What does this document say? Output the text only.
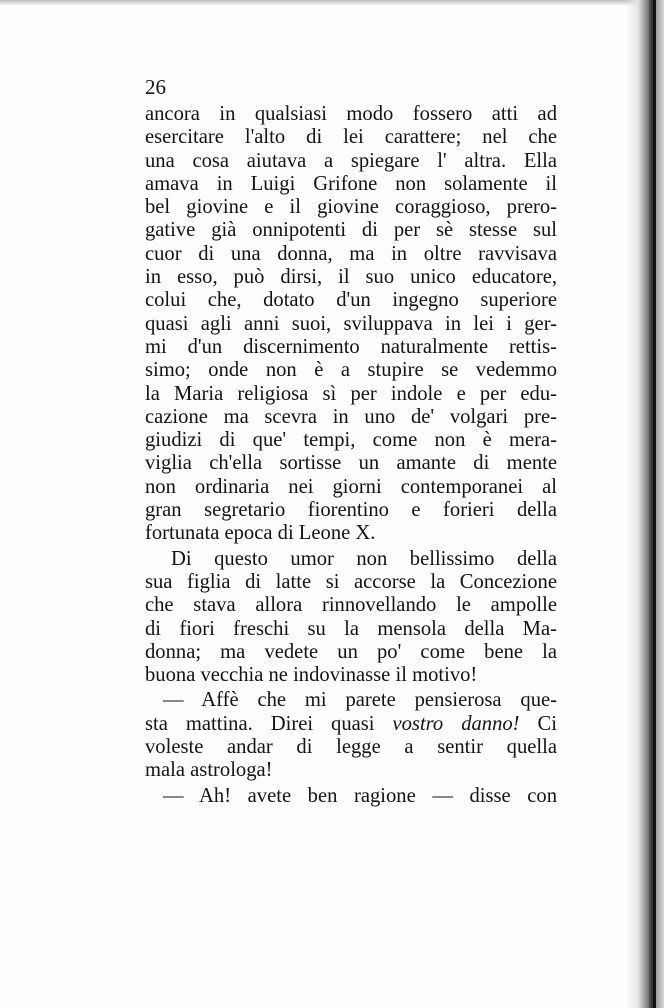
26
ancora in qualsiasi modo fossero atti ad
esercitare l'alto di lei carattere; nel che
una cosa aiutava a spiegare l' altra. Ella
amava in Luigi Grifone non solamente il
bel giovine e il giovine coraggioso, prero-
gative già onnipotenti di per sè stesse sul
cuor di una donna, ma in oltre ravvisava
in esso, può dirsi, il suo unico educatore,
colui che, dotato d'un ingegno superiore
quasi agli anni suoi, sviluppava in lei i ger-
mi d'un discernimento naturalmente rettis-
simo; onde non è a stupire se vedemmo
la Maria religiosa sì per indole e per edu-
cazione ma scevra in uno de' volgari pre-
giudizi di que' tempi, come non è mera-
viglia ch'ella sortisse un amante di mente
non ordinaria nei giorni contemporanei al
gran segretario fiorentino e forieri della
fortunata epoca di Leone X.
Di questo umor non bellissimo della
sua figlia di latte si accorse la Concezione
che stava allora rinnovellando le ampolle
di fiori freschi su la mensola della Ma-
donna; ma vedete un po' come bene la
buona vecchia ne indovinasse il motivo!
— Affè che mi parete pensierosa que-
sta mattina. Direi quasi vostro danno! Ci
voleste andar di legge a sentir quella
mala astrologa!
— Ah! avete ben ragione — disse con
